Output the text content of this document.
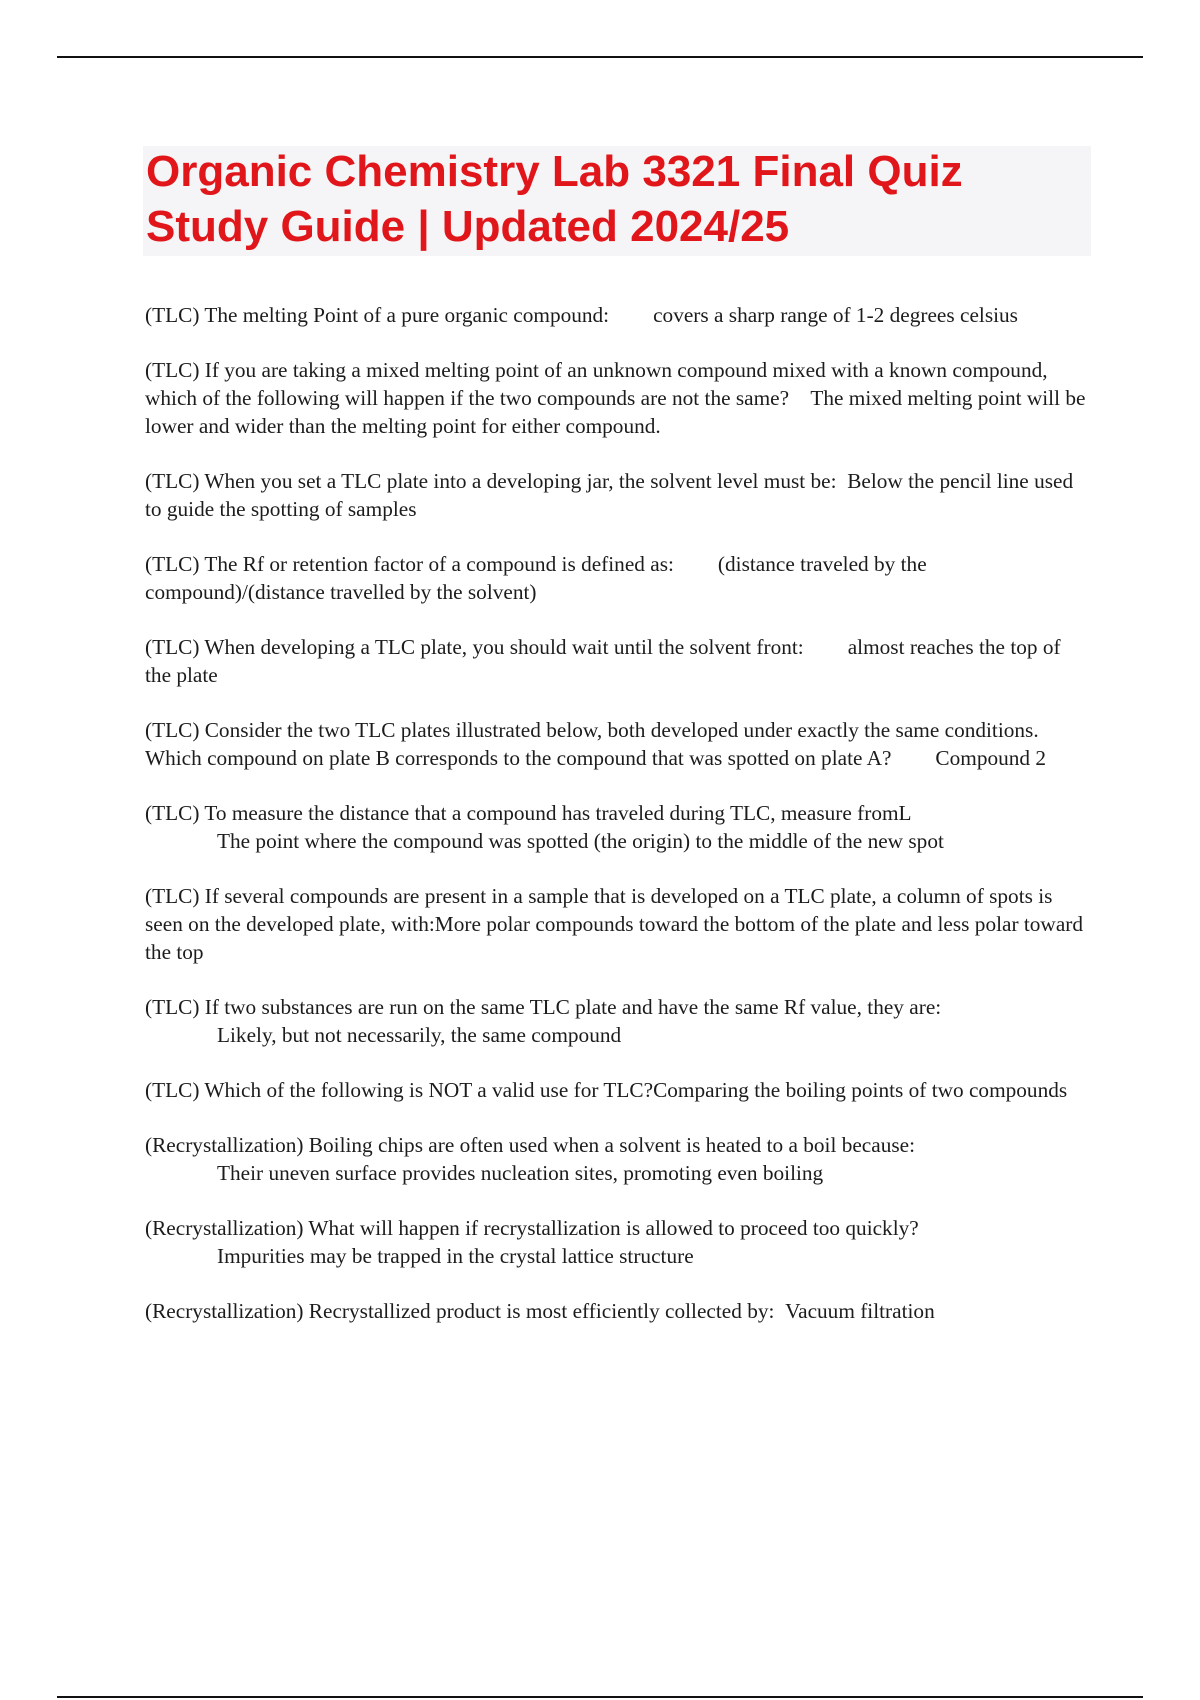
Organic Chemistry Lab 3321 Final Quiz
Study Guide | Updated 2024/25
(TLC) The melting Point of a pure organic compound: covers a sharp range of 1-2 degrees celsius
(TLC) If you are taking a mixed melting point of an unknown compound mixed with a known compound, which of the following will happen if the two compounds are not the same? The mixed melting point will be lower and wider than the melting point for either compound.
(TLC) When you set a TLC plate into a developing jar, the solvent level must be: Below the pencil line used to guide the spotting of samples
(TLC) The Rf or retention factor of a compound is defined as: (distance traveled by the compound)/(distance travelled by the solvent)
(TLC) When developing a TLC plate, you should wait until the solvent front: almost reaches the top of the plate
(TLC) Consider the two TLC plates illustrated below, both developed under exactly the same conditions. Which compound on plate B corresponds to the compound that was spotted on plate A? Compound 2
(TLC) To measure the distance that a compound has traveled during TLC, measure fromL
The point where the compound was spotted (the origin) to the middle of the new spot
(TLC) If several compounds are present in a sample that is developed on a TLC plate, a column of spots is seen on the developed plate, with:More polar compounds toward the bottom of the plate and less polar toward the top
(TLC) If two substances are run on the same TLC plate and have the same Rf value, they are:
Likely, but not necessarily, the same compound
(TLC) Which of the following is NOT a valid use for TLC?Comparing the boiling points of two compounds
(Recrystallization) Boiling chips are often used when a solvent is heated to a boil because:
Their uneven surface provides nucleation sites, promoting even boiling
(Recrystallization) What will happen if recrystallization is allowed to proceed too quickly?
Impurities may be trapped in the crystal lattice structure
(Recrystallization) Recrystallized product is most efficiently collected by: Vacuum filtration
